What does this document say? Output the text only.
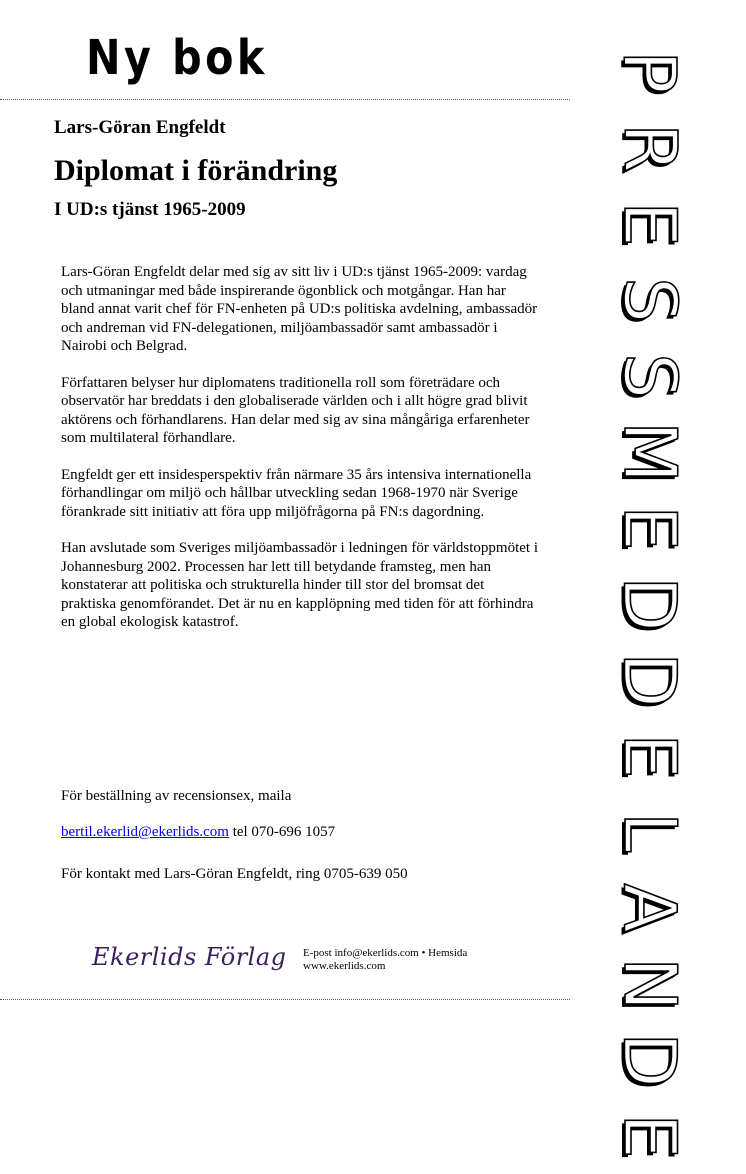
Ny bok
Lars-Göran Engfeldt
Diplomat i förändring
I UD:s tjänst 1965-2009

Lars-Göran Engfeldt delar med sig av sitt liv i UD:s tjänst 1965-2009: vardag och utmaningar med både inspirerande ögonblick och motgångar. Han har bland annat varit chef för FN-enheten på UD:s politiska avdelning, ambassadör och andreman vid FN-delegationen, miljöambassadör samt ambassadör i Nairobi och Belgrad.

Författaren belyser hur diplomatens traditionella roll som företrädare och observatör har breddats i den globaliserade världen och i allt högre grad blivit aktörens och förhandlarens. Han delar med sig av sina mångåriga erfarenheter som multilateral förhandlare.

Engfeldt ger ett insidesperspektiv från närmare 35 års intensiva internationella förhandlingar om miljö och hållbar utveckling sedan 1968-1970 när Sverige förankrade sitt initiativ att föra upp miljöfrågorna på FN:s dagordning.

Han avslutade som Sveriges miljöambassadör i ledningen för världstoppmötet i Johannesburg 2002. Processen har lett till betydande framsteg, men han konstaterar att politiska och strukturella hinder till stor del bromsat det praktiska genomförandet. Det är nu en kapplöpning med tiden för att förhindra en global ekologisk katastrof.

För beställning av recensionsex, maila

bertil.ekerlid@ekerlids.com tel 070-696 1057

För kontakt med Lars-Göran Engfeldt, ring 0705-639 050

Ekerlids Förlag E-post info@ekerlids.com • Hemsida
www.ekerlids.com
P
R
E
S
S
M
E
D
D
E
L
A
N
D
E
